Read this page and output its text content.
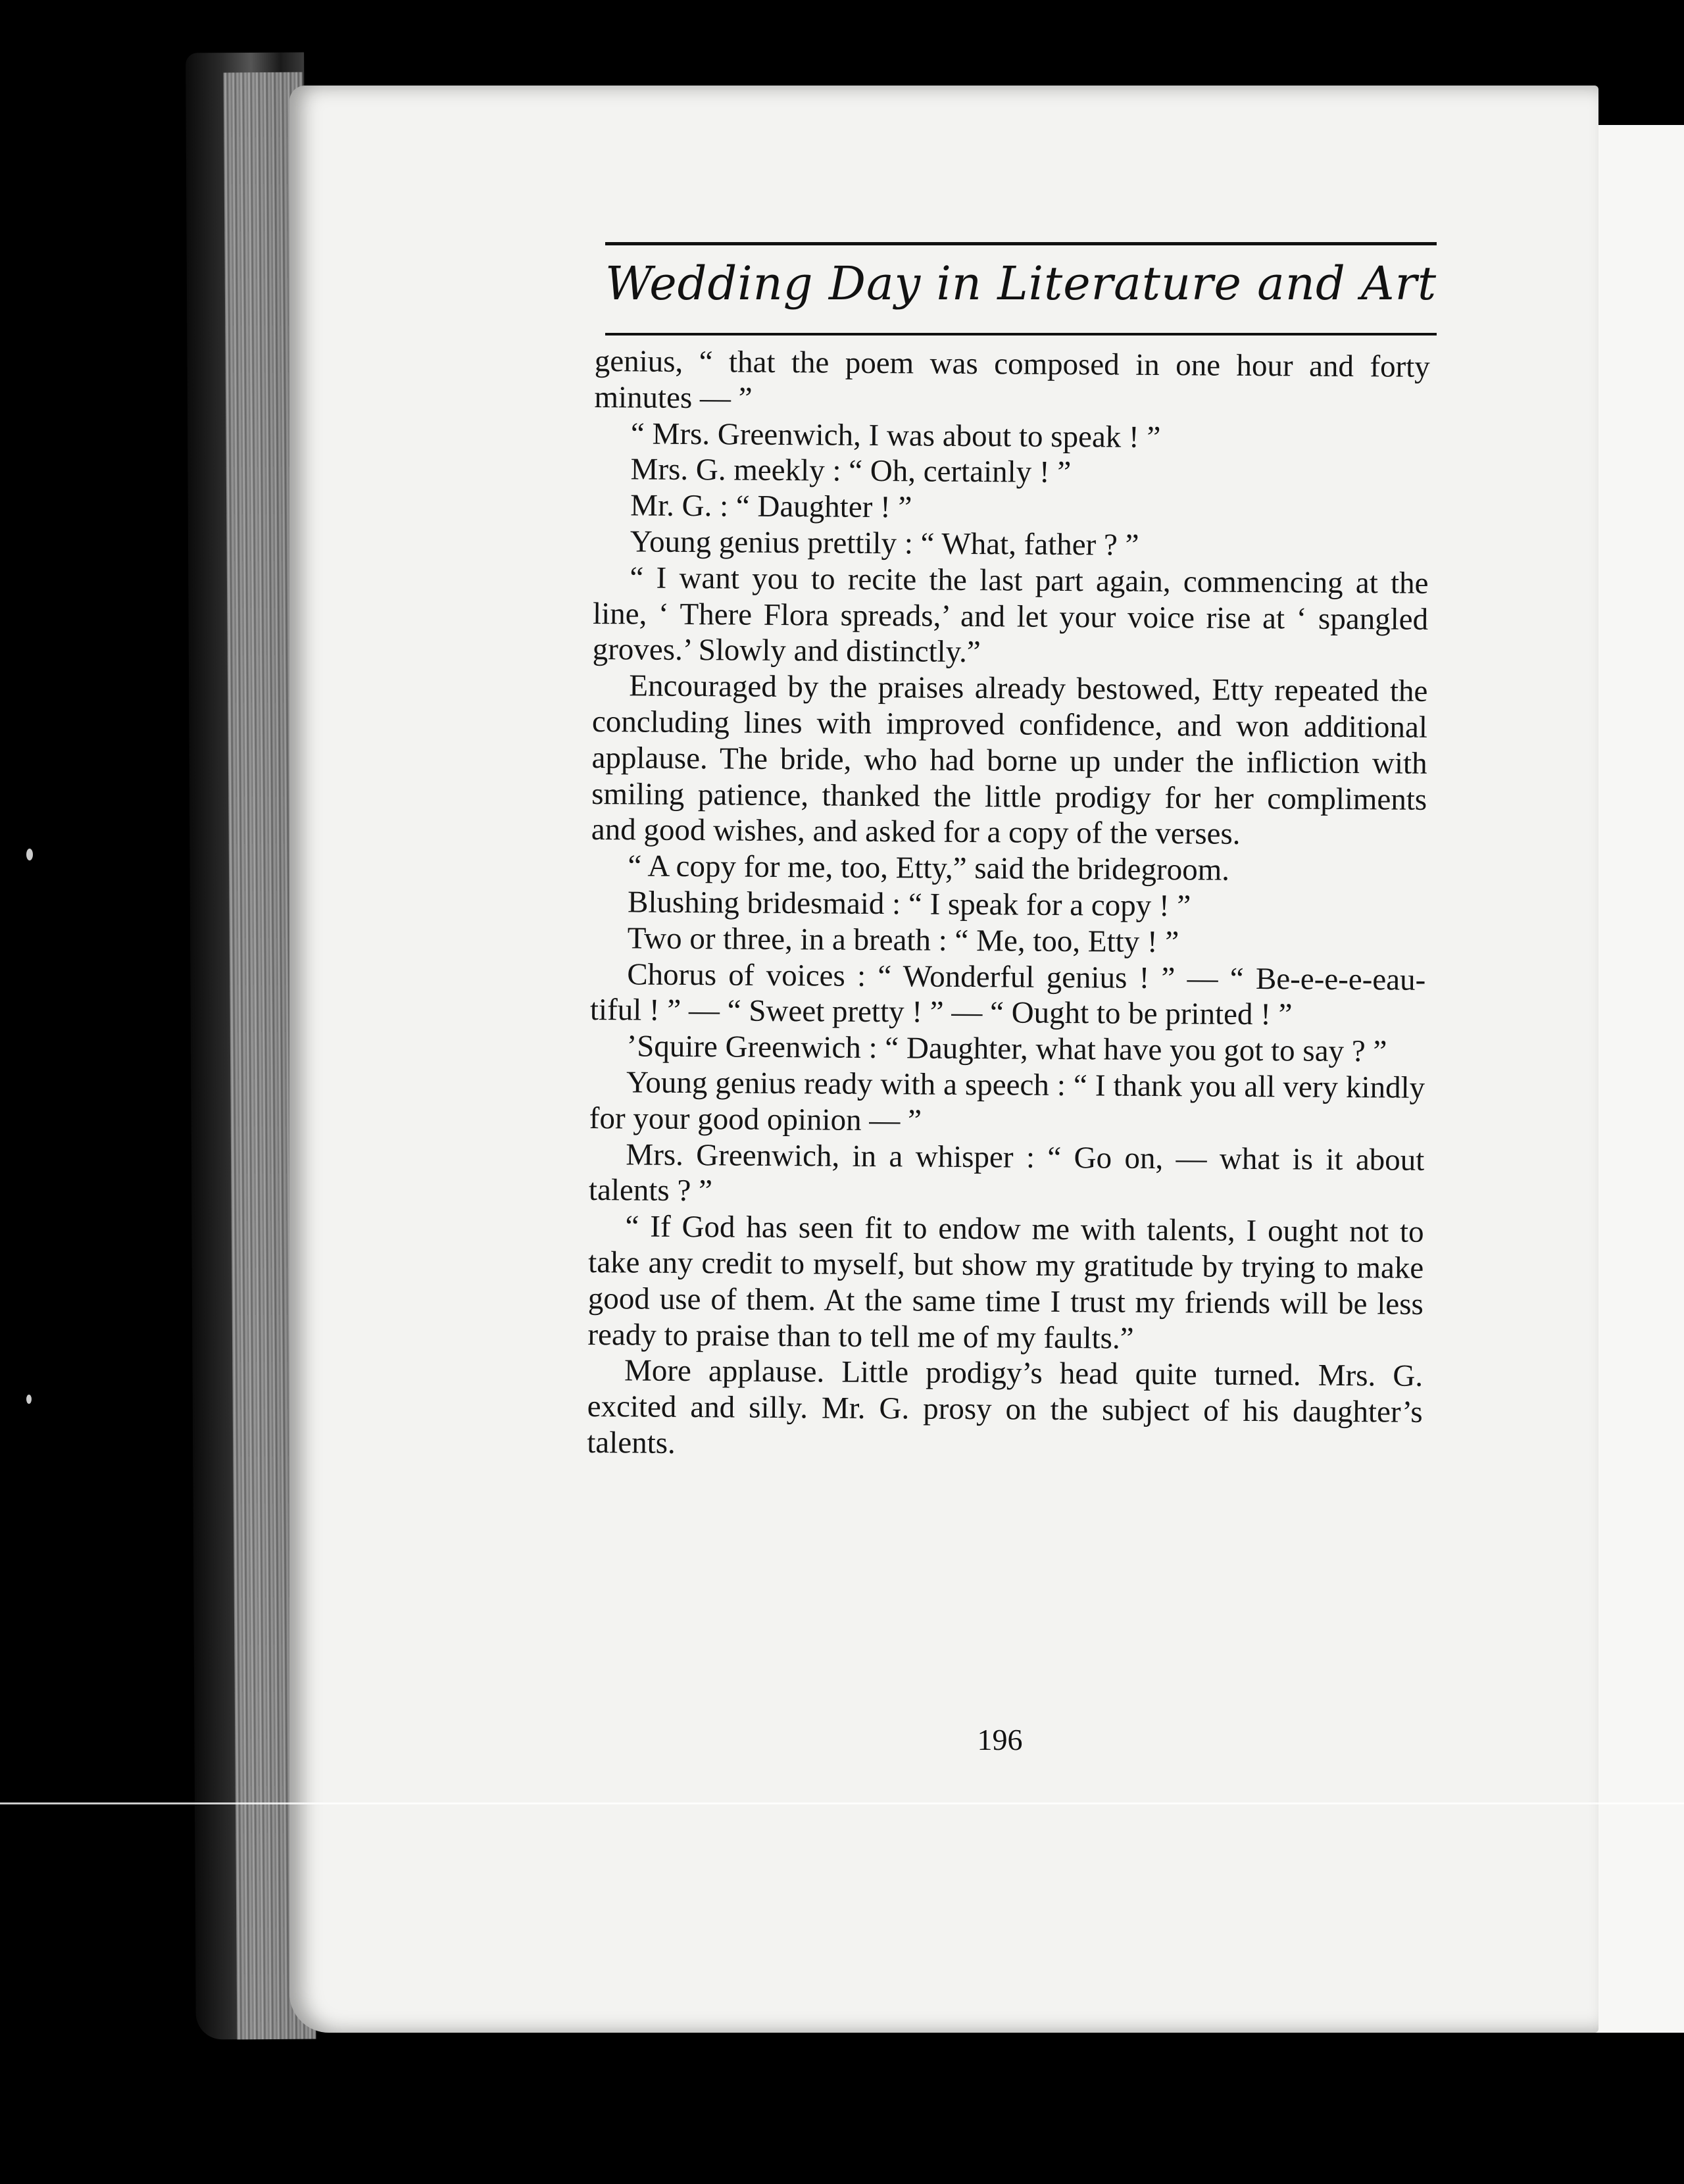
Wedding Day in Literature and Art

genius, “ that the poem was composed in one hour and forty minutes — ”

“ Mrs. Greenwich, I was about to speak ! ”

Mrs. G. meekly : “ Oh, certainly ! ”

Mr. G. : “ Daughter ! ”

Young genius prettily : “ What, father ? ”

“ I want you to recite the last part again, commencing at the line, ‘ There Flora spreads,’ and let your voice rise at ‘ spangled groves.’ Slowly and distinctly.”

Encouraged by the praises already bestowed, Etty repeated the concluding lines with improved confidence, and won additional applause. The bride, who had borne up under the infliction with smiling patience, thanked the little prodigy for her compliments and good wishes, and asked for a copy of the verses.

“ A copy for me, too, Etty,” said the bridegroom.

Blushing bridesmaid : “ I speak for a copy ! ”

Two or three, in a breath : “ Me, too, Etty ! ”

Chorus of voices : “ Wonderful genius ! ” — “ Be-e-e-e-eau-tiful ! ” — “ Sweet pretty ! ” — “ Ought to be printed ! ”

’Squire Greenwich : “ Daughter, what have you got to say ? ”

Young genius ready with a speech : “ I thank you all very kindly for your good opinion — ”

Mrs. Greenwich, in a whisper : “ Go on, — what is it about talents ? ”

“ If God has seen fit to endow me with talents, I ought not to take any credit to myself, but show my gratitude by trying to make good use of them. At the same time I trust my friends will be less ready to praise than to tell me of my faults.”

More applause. Little prodigy’s head quite turned. Mrs. G. excited and silly. Mr. G. prosy on the subject of his daughter’s talents.

196
